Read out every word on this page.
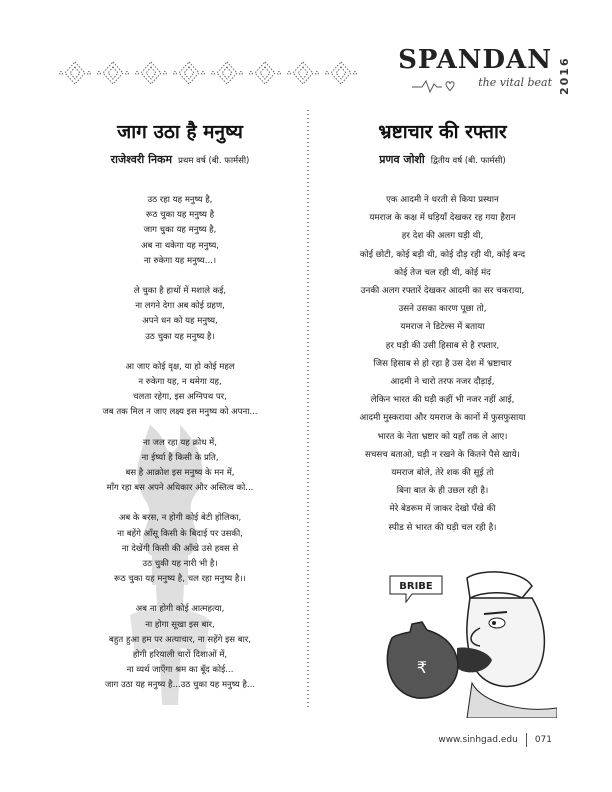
SPANDAN
the vital beat 2016
जाग उठा है मनुष्य
राजेश्वरी निकम प्रथम वर्ष (बी. फार्मसी)

उठ रहा यह मनुष्य है,

रूठ चुका यह मनुष्य है

जाग चुका यह मनुष्य है,

अब ना थकेगा यह मनुष्य,

ना रुकेगा यह मनुष्य...।

ले चुका है हाथों में मशाले कई,

ना लगने देगा अब कोई ग्रहण,

अपने धन को यह मनुष्य,

उठ चुका यह मनुष्य है।

आ जाए कोई वृक्ष, या हो कोई महल

न रुकेगा यह, न थमेगा यह,

चलता रहेगा, इस अग्निपथ पर,

जब तक मिल न जाए लक्ष्य इस मनुष्य को अपना...

ना जल रहा यह क्रोध में,

ना ईर्ष्या है किसी के प्रति,

बस है आक्रोश इस मनुष्य के मन में,

माँग रहा बस अपने अधिकार और अस्तित्व को...

अब के बरस, न होगी कोई बेटी होलिका,

ना बहेंगे आँसू किसी के बिदाई पर उसकी,

ना देखेंगी किसी की आँखे उसे हवस से

उठ चुकी यह नारी भी है।

रूठ चुका यह मनुष्य है, चल रहा मनुष्य है।।

अब ना होगी कोई आत्महत्या,

ना होगा सूखा इस बार,

बहुत हुआ हम पर अत्याचार, ना सहेंगे इस बार,

होगी हरियाली चारों दिशाओं में,

ना व्यर्थ जाएँगा श्रम का बूँद कोई...

जाग उठा यह मनुष्य है...उठ चुका यह मनुष्य है...

भ्रष्टाचार की रफ्तार
प्रणव जोशी द्वितीय वर्ष (बी. फार्मसी)

एक आदमी ने धरती से किया प्रस्थान

यमराज के कक्ष में घड़ियाँ देखकर रह गया हैरान

हर देश की अलग घड़ी थी,

कोई छोटी, कोई बड़ी थी, कोई दौड़ रही थी, कोई बन्द

कोई तेज चल रही थी, कोई मंद

उनकी अलग रफ्तारें देखकर आदमी का सर चकराया,

उसने उसका कारण पूछा तो,

यमराज ने डिटेल्स में बताया

हर घड़ी की उसी हिसाब से है रफ्तार,

जिस हिसाब से हो रहा है उस देश में भ्रष्टाचार

आदमी ने चारो तरफ नजर दौड़ाई,

लेकिन भारत की घड़ी कहीं भी नजर नहीं आई,

आदमी मुस्कराया और यमराज के कानों में फुसफुसाया

भारत के नेता भ्रष्टार को यहाँ तक ले आए।

सचसच बताओ, घड़ी न रखने के कितने पैसे खाये।

यमराज बोले, तेरे शक की सूई तो

बिना बात के ही उछल रही है।

मेरे बेडरूम में जाकर देखो पँखे की

स्पीड से भारत की घड़ी चल रही है।

₹
BRIBE
www.sinhgad.edu 071
